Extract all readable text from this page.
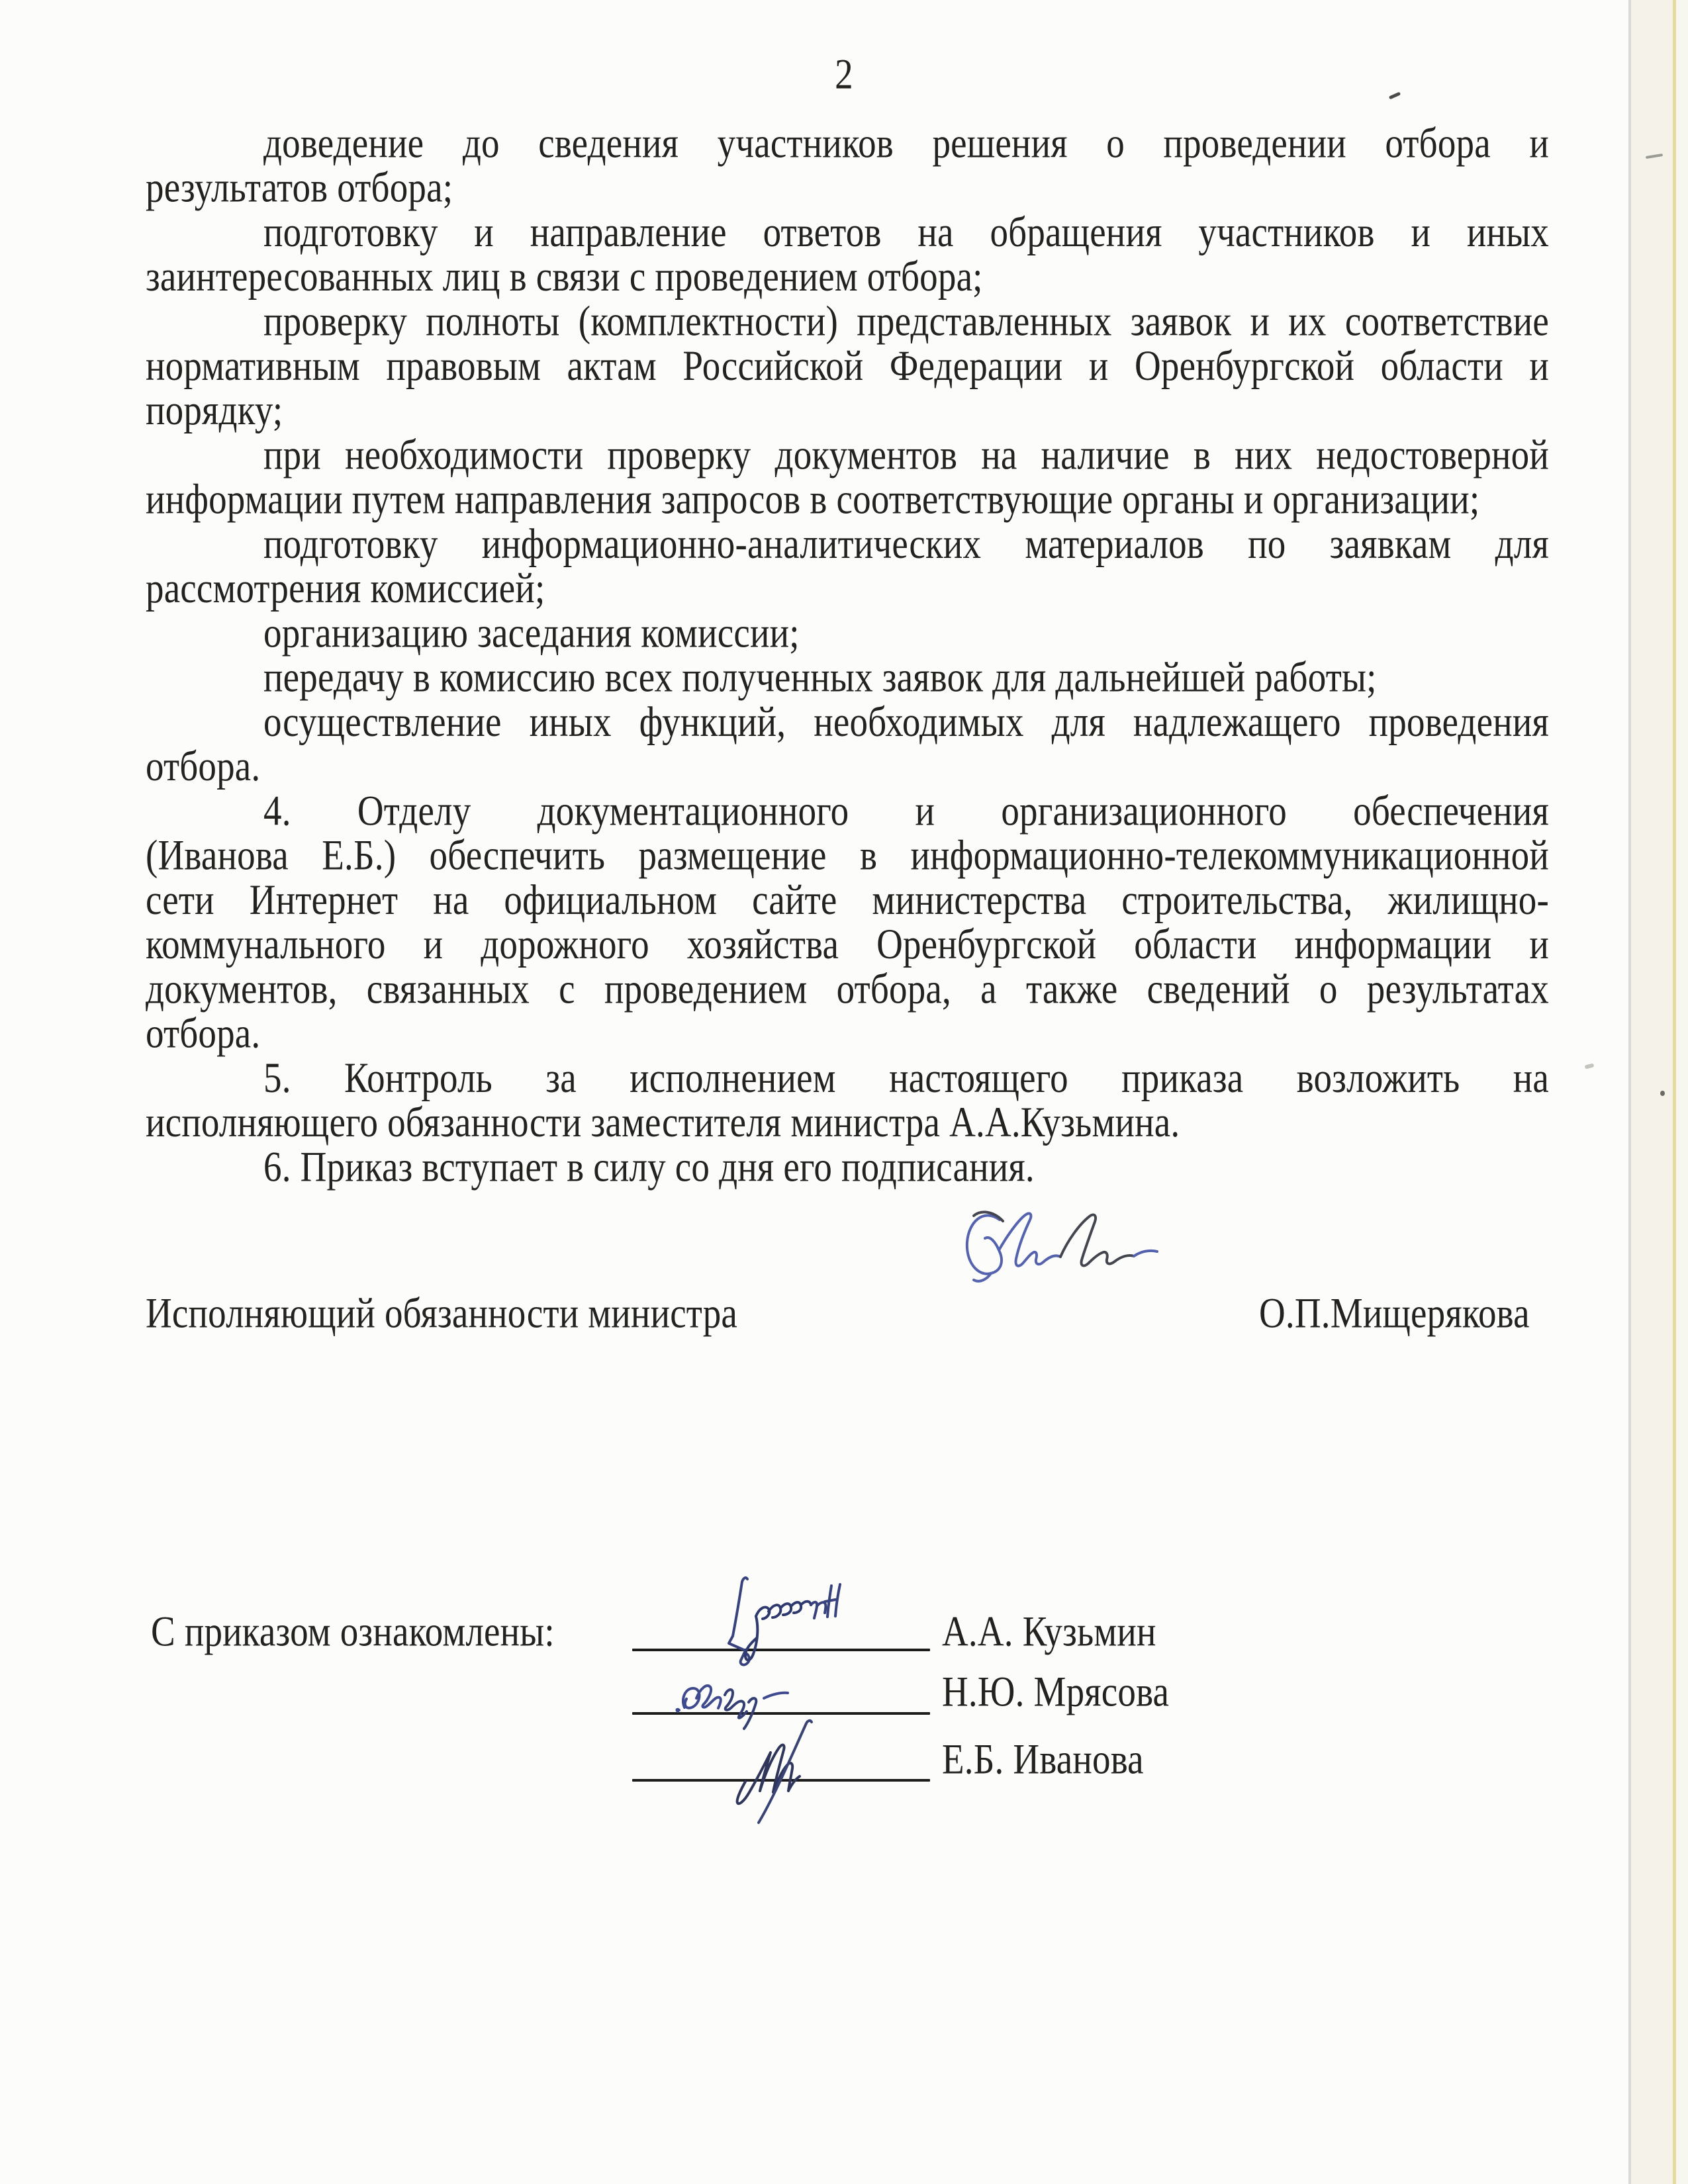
2
доведение до сведения участников решения о проведении отбора и
результатов отбора;
подготовку и направление ответов на обращения участников и иных
заинтересованных лиц в связи с проведением отбора;
проверку полноты (комплектности) представленных заявок и их соответствие
нормативным правовым актам Российской Федерации и Оренбургской области и
порядку;
при необходимости проверку документов на наличие в них недостоверной
информации путем направления запросов в соответствующие органы и организации;
подготовку информационно-аналитических материалов по заявкам для
рассмотрения комиссией;
организацию заседания комиссии;
передачу в комиссию всех полученных заявок для дальнейшей работы;
осуществление иных функций, необходимых для надлежащего проведения
отбора.
4. Отделу документационного и организационного обеспечения
(Иванова Е.Б.) обеспечить размещение в информационно-телекоммуникационной
сети Интернет на официальном сайте министерства строительства, жилищно-
коммунального и дорожного хозяйства Оренбургской области информации и
документов, связанных с проведением отбора, а также сведений о результатах
отбора.
5. Контроль за исполнением настоящего приказа возложить на
исполняющего обязанности заместителя министра А.А.Кузьмина.
6. Приказ вступает в силу со дня его подписания.
Исполняющий обязанности министра	О.П.Мищерякова
С приказом ознакомлены:	А.А. Кузьмин
Н.Ю. Мрясова
Е.Б. Иванова
